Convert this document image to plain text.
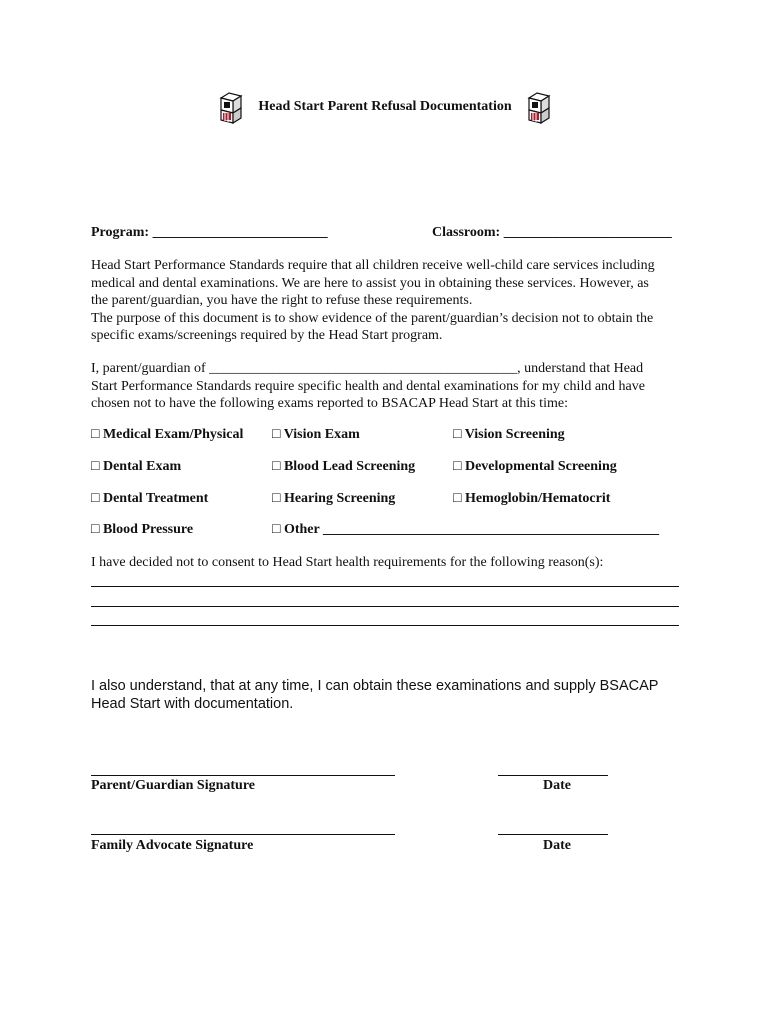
Head Start Parent Refusal Documentation
Program: _________________________	Classroom: ________________________
Head Start Performance Standards require that all children receive well-child care services including
medical and dental examinations. We are here to assist you in obtaining these services. However, as
the parent/guardian, you have the right to refuse these requirements.
The purpose of this document is to show evidence of the parent/guardian’s decision not to obtain the
specific exams/screenings required by the Head Start program.
I, parent/guardian of ____________________________________________, understand that Head
Start Performance Standards require specific health and dental examinations for my child and have
chosen not to have the following exams reported to BSACAP Head Start at this time:
□ Medical Exam/Physical □ Vision Exam	□ Vision Screening
□ Dental Exam	□ Blood Lead Screening	□ Developmental Screening
□ Dental Treatment	□ Hearing Screening	□ Hemoglobin/Hematocrit
□ Blood Pressure	□ Other ________________________________________________
I have decided not to consent to Head Start health requirements for the following reason(s):
I also understand, that at any time, I can obtain these examinations and supply BSACAP
Head Start with documentation.
Parent/Guardian Signature	Date
Family Advocate Signature	Date
